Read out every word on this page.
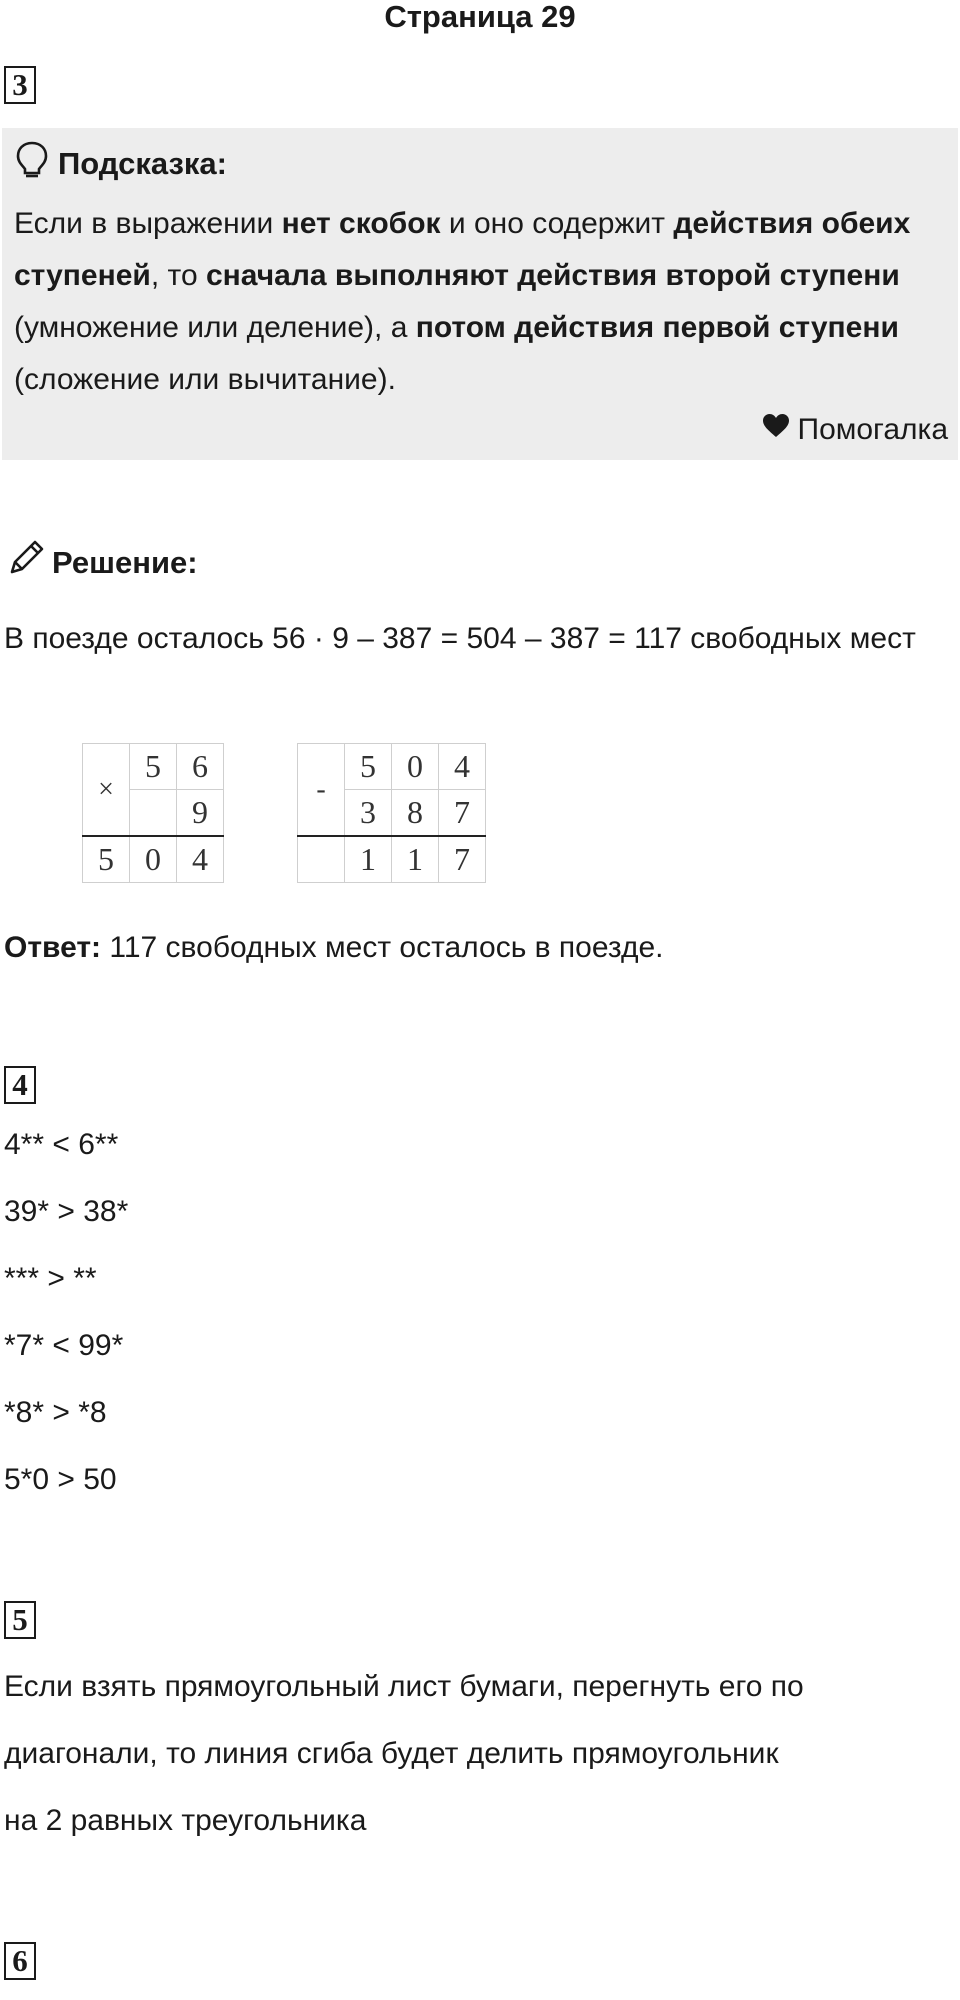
Страница 29
3
Подсказка:
Если в выражении нет скобок и оно содержит действия обеих ступеней, то сначала выполняют действия второй ступени (умножение или деление), а потом действия первой ступени (сложение или вычитание).
Помогалка
Решение:
В поезде осталось 56 · 9 – 387 = 504 – 387 = 117 свободных мест
×	5	6
		9
5	0	4
-	5	0	4
	3	8	7
	1	1	7
Ответ: 117 свободных мест осталось в поезде.
4
4** < 6**
39* > 38*
*** > **
*7* < 99*
*8* > *8
5*0 > 50
5
Если взять прямоугольный лист бумаги, перегнуть его по
диагонали, то линия сгиба будет делить прямоугольник
на 2 равных треугольника
6
